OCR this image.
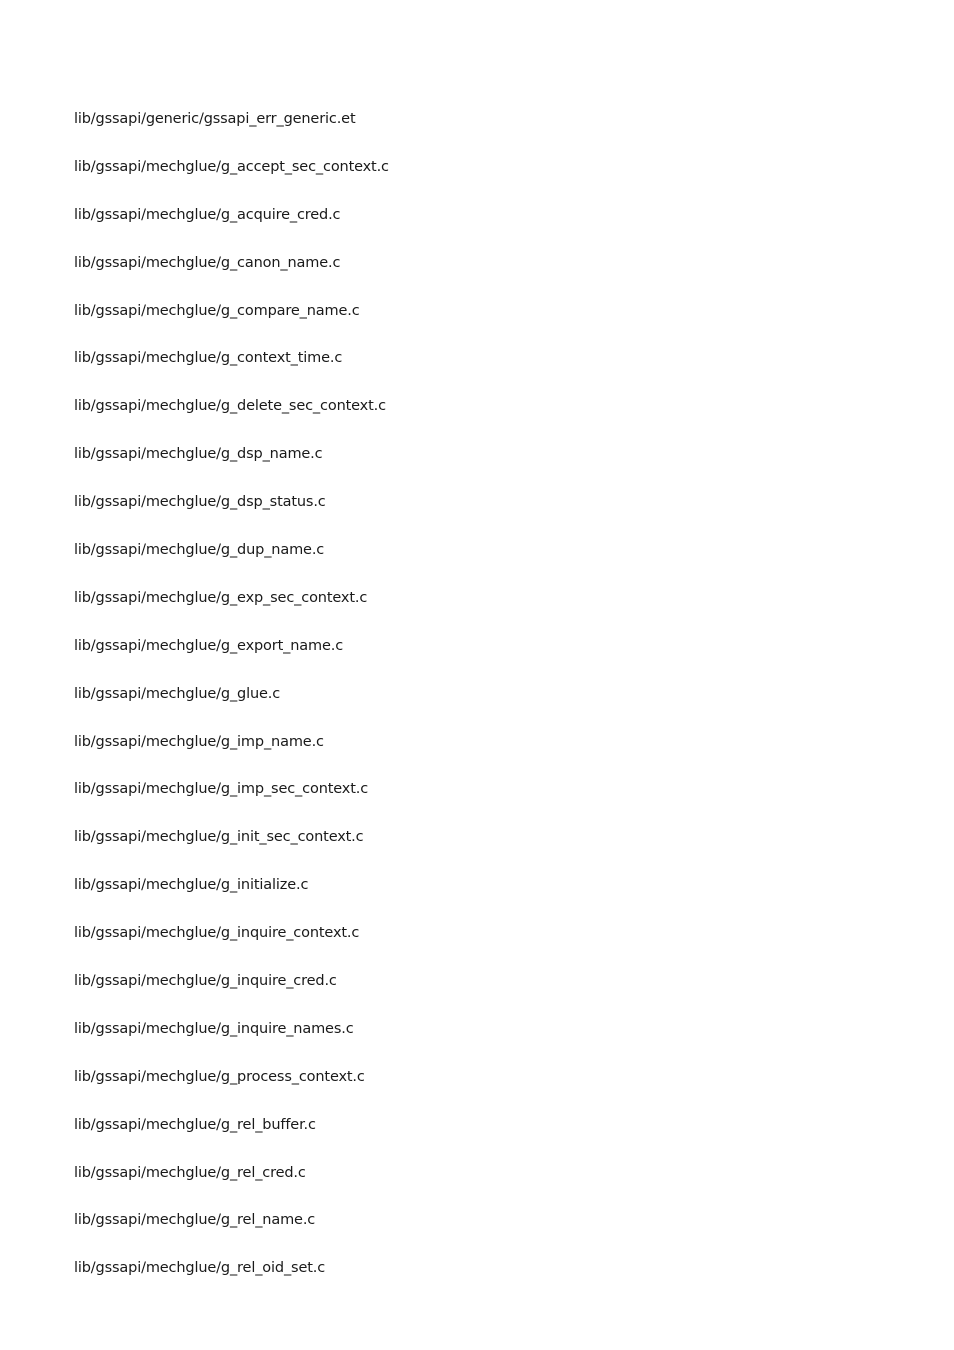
lib/gssapi/generic/gssapi_err_generic.et
lib/gssapi/mechglue/g_accept_sec_context.c
lib/gssapi/mechglue/g_acquire_cred.c
lib/gssapi/mechglue/g_canon_name.c
lib/gssapi/mechglue/g_compare_name.c
lib/gssapi/mechglue/g_context_time.c
lib/gssapi/mechglue/g_delete_sec_context.c
lib/gssapi/mechglue/g_dsp_name.c
lib/gssapi/mechglue/g_dsp_status.c
lib/gssapi/mechglue/g_dup_name.c
lib/gssapi/mechglue/g_exp_sec_context.c
lib/gssapi/mechglue/g_export_name.c
lib/gssapi/mechglue/g_glue.c
lib/gssapi/mechglue/g_imp_name.c
lib/gssapi/mechglue/g_imp_sec_context.c
lib/gssapi/mechglue/g_init_sec_context.c
lib/gssapi/mechglue/g_initialize.c
lib/gssapi/mechglue/g_inquire_context.c
lib/gssapi/mechglue/g_inquire_cred.c
lib/gssapi/mechglue/g_inquire_names.c
lib/gssapi/mechglue/g_process_context.c
lib/gssapi/mechglue/g_rel_buffer.c
lib/gssapi/mechglue/g_rel_cred.c
lib/gssapi/mechglue/g_rel_name.c
lib/gssapi/mechglue/g_rel_oid_set.c
